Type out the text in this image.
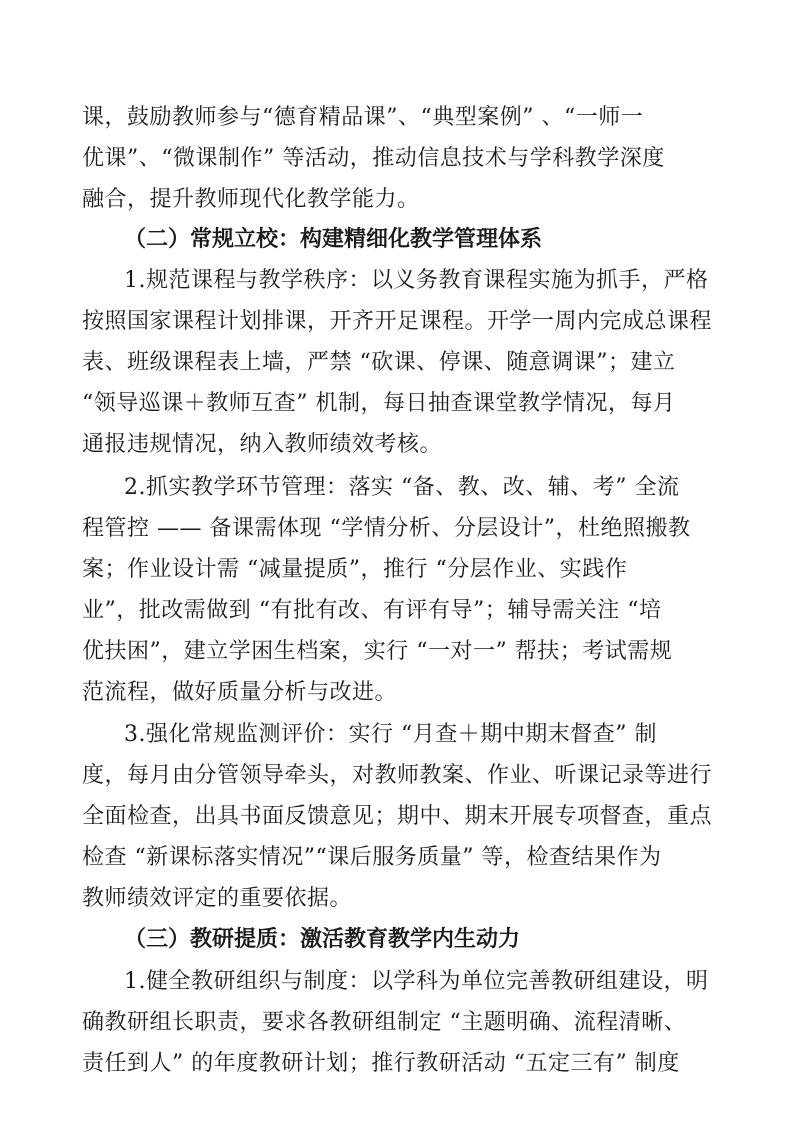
课，鼓励教师参与“德育精品课”、“典型案例” 、“一师一
优课”、“微课制作” 等活动，推动信息技术与学科教学深度
融合，提升教师现代化教学能力。
（二）常规立校：构建精细化教学管理体系
1.规范课程与教学秩序：以义务教育课程实施为抓手，严格
按照国家课程计划排课，开齐开足课程。开学一周内完成总课程
表、班级课程表上墙，严禁 “砍课、停课、随意调课”；建立
“领导巡课＋教师互查” 机制，每日抽查课堂教学情况，每月
通报违规情况，纳入教师绩效考核。
2.抓实教学环节管理：落实 “备、教、改、辅、考” 全流
程管控 —— 备课需体现 “学情分析、分层设计”，杜绝照搬教
案；作业设计需 “减量提质”，推行 “分层作业、实践作
业”，批改需做到 “有批有改、有评有导”；辅导需关注 “培
优扶困”，建立学困生档案，实行 “一对一” 帮扶；考试需规
范流程，做好质量分析与改进。
3.强化常规监测评价：实行 “月查＋期中期末督查” 制
度，每月由分管领导牵头，对教师教案、作业、听课记录等进行
全面检查，出具书面反馈意见；期中、期末开展专项督查，重点
检查 “新课标落实情况”“课后服务质量” 等，检查结果作为
教师绩效评定的重要依据。
（三）教研提质：激活教育教学内生动力
1.健全教研组织与制度：以学科为单位完善教研组建设，明
确教研组长职责，要求各教研组制定 “主题明确、流程清晰、
责任到人” 的年度教研计划；推行教研活动 “五定三有” 制度
